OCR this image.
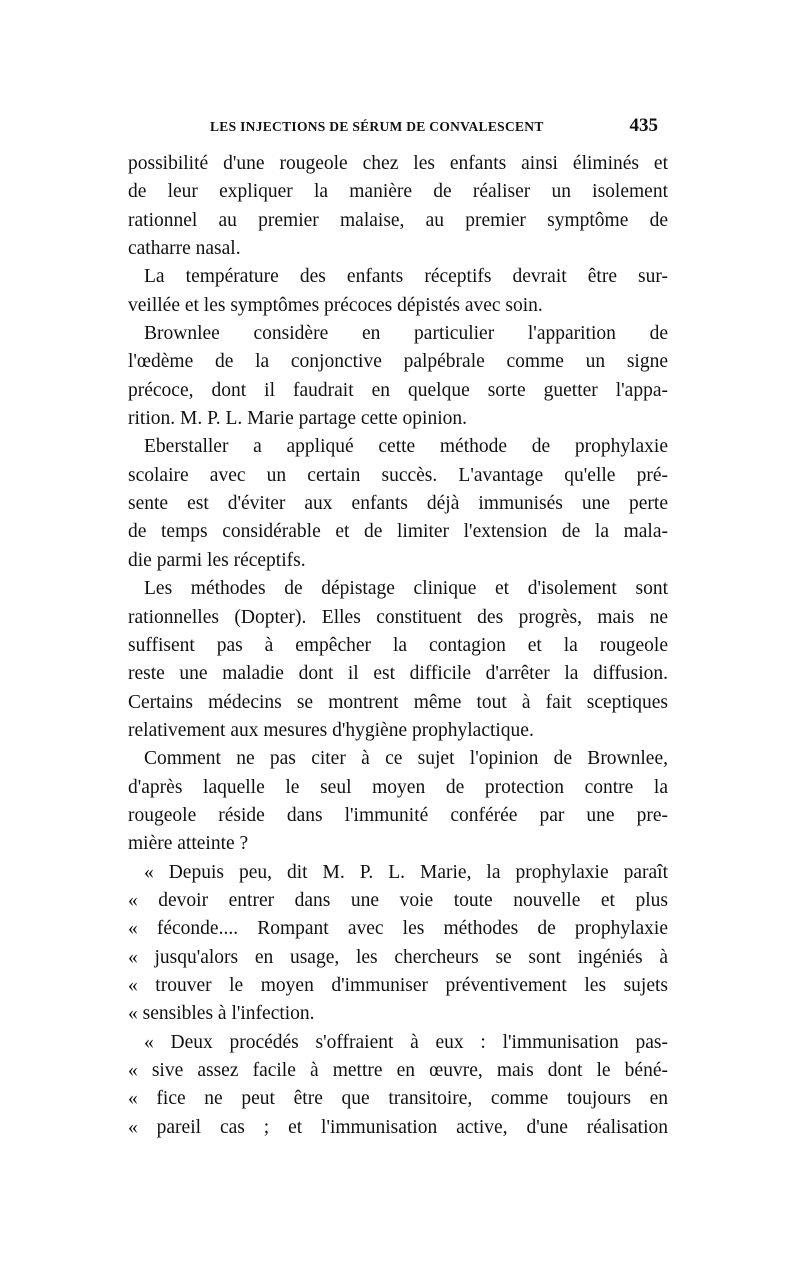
LES INJECTIONS DE SÉRUM DE CONVALESCENT	435
possibilité d'une rougeole chez les enfants ainsi éliminés et
de leur expliquer la manière de réaliser un isolement
rationnel au premier malaise, au premier symptôme de
catharre nasal.
La température des enfants réceptifs devrait être sur-
veillée et les symptômes précoces dépistés avec soin.
Brownlee considère en particulier l'apparition de
l'œdème de la conjonctive palpébrale comme un signe
précoce, dont il faudrait en quelque sorte guetter l'appa-
rition. M. P. L. Marie partage cette opinion.
Eberstaller a appliqué cette méthode de prophylaxie
scolaire avec un certain succès. L'avantage qu'elle pré-
sente est d'éviter aux enfants déjà immunisés une perte
de temps considérable et de limiter l'extension de la mala-
die parmi les réceptifs.
Les méthodes de dépistage clinique et d'isolement sont
rationnelles (Dopter). Elles constituent des progrès, mais ne
suffisent pas à empêcher la contagion et la rougeole
reste une maladie dont il est difficile d'arrêter la diffusion.
Certains médecins se montrent même tout à fait sceptiques
relativement aux mesures d'hygiène prophylactique.
Comment ne pas citer à ce sujet l'opinion de Brownlee,
d'après laquelle le seul moyen de protection contre la
rougeole réside dans l'immunité conférée par une pre-
mière atteinte ?
« Depuis peu, dit M. P. L. Marie, la prophylaxie paraît
« devoir entrer dans une voie toute nouvelle et plus
« féconde.... Rompant avec les méthodes de prophylaxie
« jusqu'alors en usage, les chercheurs se sont ingéniés à
« trouver le moyen d'immuniser préventivement les sujets
« sensibles à l'infection.
« Deux procédés s'offraient à eux : l'immunisation pas-
« sive assez facile à mettre en œuvre, mais dont le béné-
« fice ne peut être que transitoire, comme toujours en
« pareil cas ; et l'immunisation active, d'une réalisation
